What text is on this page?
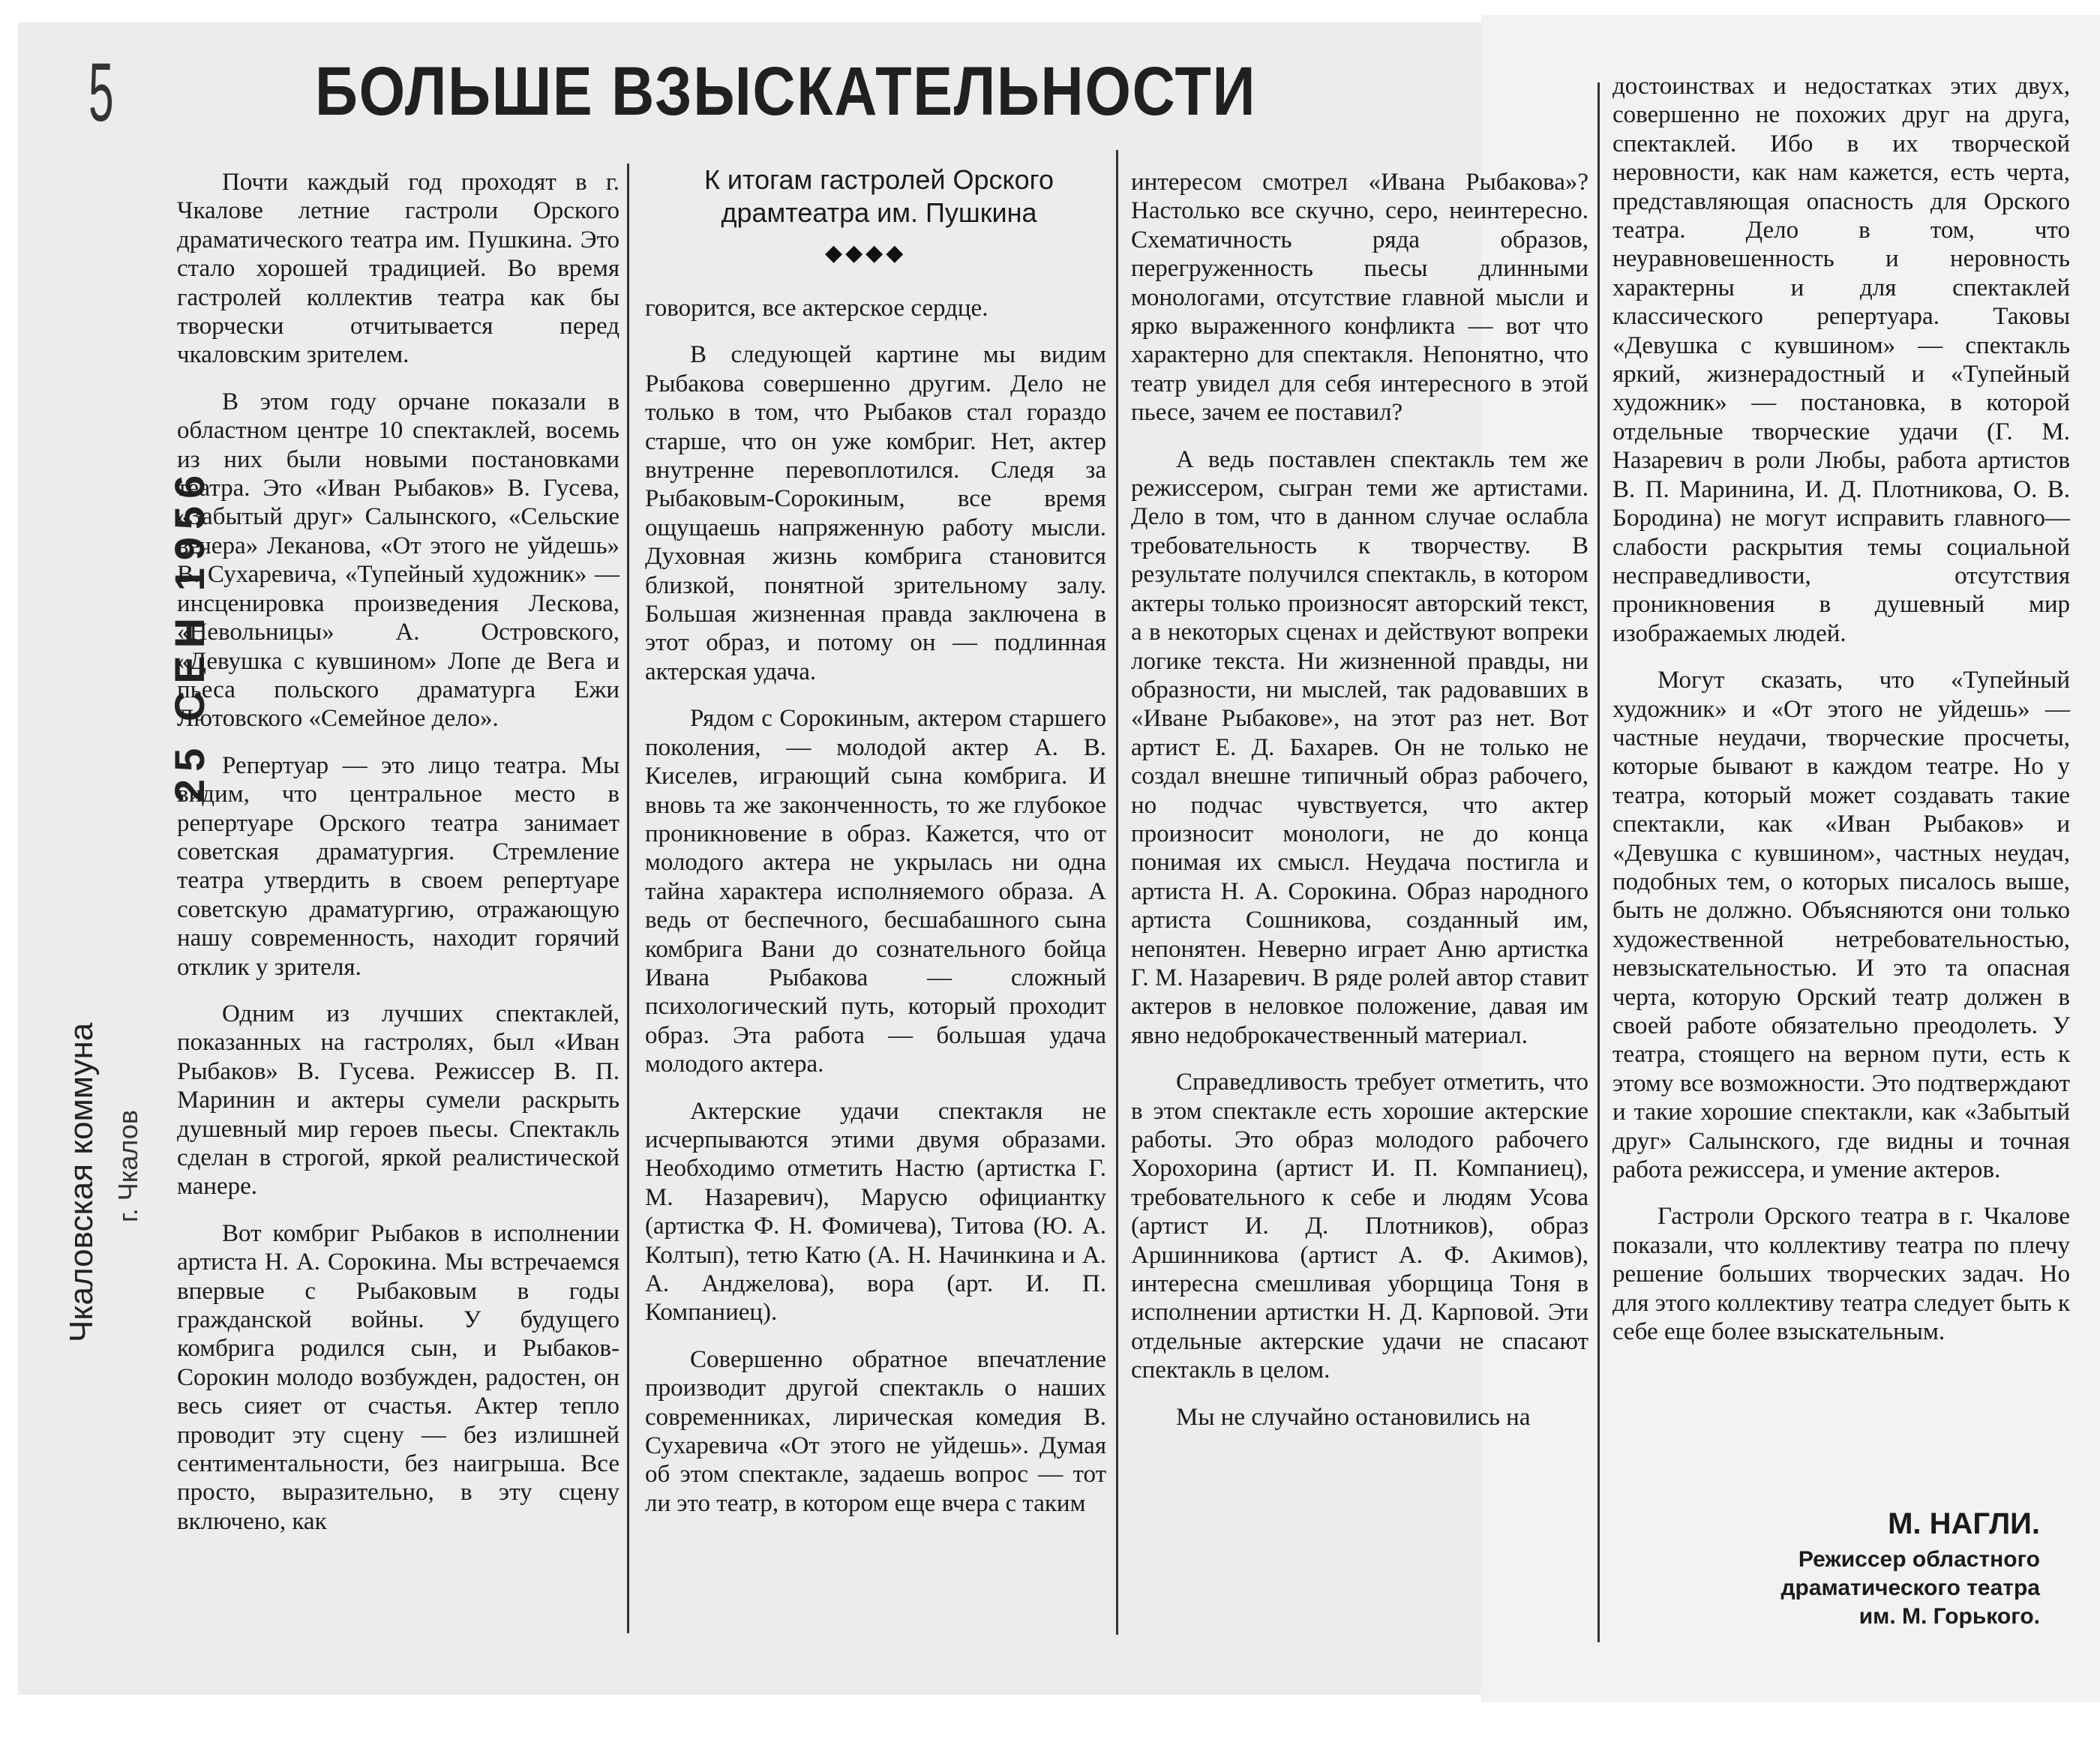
5	БОЛЬШЕ ВЗЫСКАТЕЛЬНОСТИ
25 СЕН 1956
Чкаловская коммуна г. Чкалов

Почти каждый год проходят в г. Чкалове летние гастроли Орского драматического театра им. Пушкина. Это стало хорошей традицией. Во время гастролей коллектив театра как бы творчески отчитывается перед чкаловским зрителем.

В этом году орчане показали в областном центре 10 спектаклей, восемь из них были новыми постановками театра. Это «Иван Рыбаков» В. Гусева, «Забытый друг» Салынского, «Сельские вечера» Леканова, «От этого не уйдешь» В. Сухаревича, «Тупейный художник» — инсценировка произведения Лескова, «Невольницы» А. Островского, «Девушка с кувшином» Лопе де Вега и пьеса польского драматурга Ежи Лютовского «Семейное дело».

Репертуар — это лицо театра. Мы видим, что центральное место в репертуаре Орского театра занимает советская драматургия. Стремление театра утвердить в своем репертуаре советскую драматургию, отражающую нашу современность, находит горячий отклик у зрителя.

Одним из лучших спектаклей, показанных на гастролях, был «Иван Рыбаков» В. Гусева. Режиссер В. П. Маринин и актеры сумели раскрыть душевный мир героев пьесы. Спектакль сделан в строгой, яркой реалистической манере.

Вот комбриг Рыбаков в исполнении артиста Н. А. Сорокина. Мы встречаемся впервые с Рыбаковым в годы гражданской войны. У будущего комбрига родился сын, и Рыбаков-Сорокин молодо возбужден, радостен, он весь сияет от счастья. Актер тепло проводит эту сцену — без излишней сентиментальности, без наигрыша. Все просто, выразительно, в эту сцену включено, как

К итогам гастролей Орского драмтеатра им. Пушкина
◆◆◆◆

говорится, все актерское сердце.

В следующей картине мы видим Рыбакова совершенно другим. Дело не только в том, что Рыбаков стал гораздо старше, что он уже комбриг. Нет, актер внутренне перевоплотился. Следя за Рыбаковым-Сорокиным, все время ощущаешь напряженную работу мысли. Духовная жизнь комбрига становится близкой, понятной зрительному залу. Большая жизненная правда заключена в этот образ, и потому он — подлинная актерская удача.

Рядом с Сорокиным, актером старшего поколения, — молодой актер А. В. Киселев, играющий сына комбрига. И вновь та же законченность, то же глубокое проникновение в образ. Кажется, что от молодого актера не укрылась ни одна тайна характера исполняемого образа. А ведь от беспечного, бесшабашного сына комбрига Вани до сознательного бойца Ивана Рыбакова — сложный психологический путь, который проходит образ. Эта работа — большая удача молодого актера.

Актерские удачи спектакля не исчерпываются этими двумя образами. Необходимо отметить Настю (артистка Г. М. Назаревич), Марусю официантку (артистка Ф. Н. Фомичева), Титова (Ю. А. Колтып), тетю Катю (А. Н. Начинкина и А. А. Анджелова), вора (арт. И. П. Компаниец).

Совершенно обратное впечатление производит другой спектакль о наших современниках, лирическая комедия В. Сухаревича «От этого не уйдешь». Думая об этом спектакле, задаешь вопрос — тот ли это театр, в котором еще вчера с таким

интересом смотрел «Ивана Рыбакова»? Настолько все скучно, серо, неинтересно. Схематичность ряда образов, перегруженность пьесы длинными монологами, отсутствие главной мысли и ярко выраженного конфликта — вот что характерно для спектакля. Непонятно, что театр увидел для себя интересного в этой пьесе, зачем ее поставил?

А ведь поставлен спектакль тем же режиссером, сыгран теми же артистами. Дело в том, что в данном случае ослабла требовательность к творчеству. В результате получился спектакль, в котором актеры только произносят авторский текст, а в некоторых сценах и действуют вопреки логике текста. Ни жизненной правды, ни образности, ни мыслей, так радовавших в «Иване Рыбакове», на этот раз нет. Вот артист Е. Д. Бахарев. Он не только не создал внешне типичный образ рабочего, но подчас чувствуется, что актер произносит монологи, не до конца понимая их смысл. Неудача постигла и артиста Н. А. Сорокина. Образ народного артиста Сошникова, созданный им, непонятен. Неверно играет Аню артистка Г. М. Назаревич. В ряде ролей автор ставит актеров в неловкое положение, давая им явно недоброкачественный материал.

Справедливость требует отметить, что в этом спектакле есть хорошие актерские работы. Это образ молодого рабочего Хорохорина (артист И. П. Компаниец), требовательного к себе и людям Усова (артист И. Д. Плотников), образ Аршинникова (артист А. Ф. Акимов), интересна смешливая уборщица Тоня в исполнении артистки Н. Д. Карповой. Эти отдельные актерские удачи не спасают спектакль в целом.

Мы не случайно остановились на

достоинствах и недостатках этих двух, совершенно не похожих друг на друга, спектаклей. Ибо в их творческой неровности, как нам кажется, есть черта, представляющая опасность для Орского театра. Дело в том, что неуравновешенность и неровность характерны и для спектаклей классического репертуара. Таковы «Девушка с кувшином» — спектакль яркий, жизнерадостный и «Тупейный художник» — постановка, в которой отдельные творческие удачи (Г. М. Назаревич в роли Любы, работа артистов В. П. Маринина, И. Д. Плотникова, О. В. Бородина) не могут исправить главного—слабости раскрытия темы социальной несправедливости, отсутствия проникновения в душевный мир изображаемых людей.

Могут сказать, что «Тупейный художник» и «От этого не уйдешь» — частные неудачи, творческие просчеты, которые бывают в каждом театре. Но у театра, который может создавать такие спектакли, как «Иван Рыбаков» и «Девушка с кувшином», частных неудач, подобных тем, о которых писалось выше, быть не должно. Объясняются они только художественной нетребовательностью, невзыскательностью. И это та опасная черта, которую Орский театр должен в своей работе обязательно преодолеть. У театра, стоящего на верном пути, есть к этому все возможности. Это подтверждают и такие хорошие спектакли, как «Забытый друг» Салынского, где видны и точная работа режиссера, и умение актеров.

Гастроли Орского театра в г. Чкалове показали, что коллективу театра по плечу решение больших творческих задач. Но для этого коллективу театра следует быть к себе еще более взыскательным.

М. НАГЛИ.
Режиссер областного
драматического театра
им. М. Горького.
